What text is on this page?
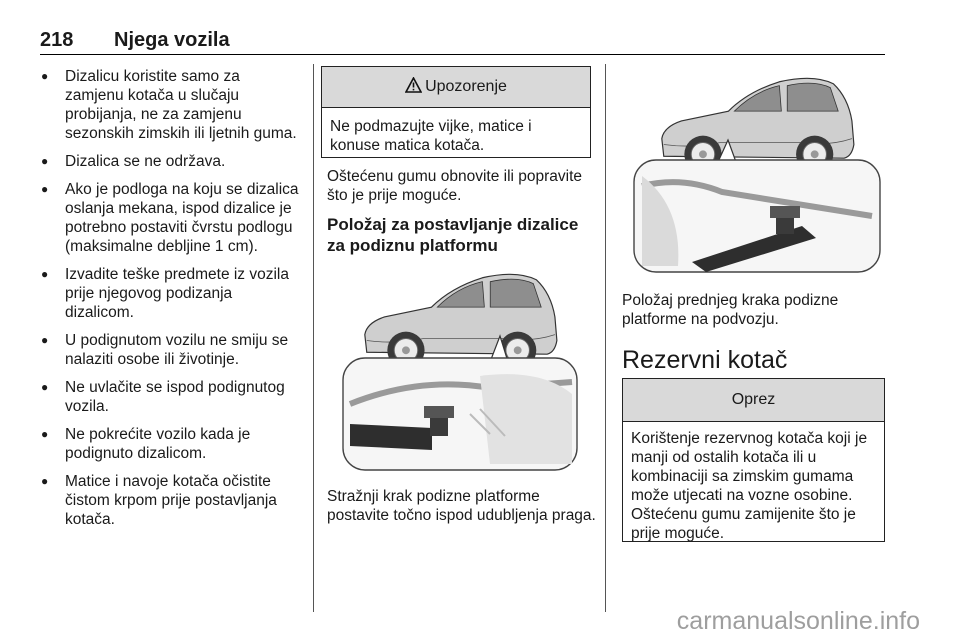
218 Njega vozila
● Dizalicu koristite samo za zamjenu kotača u slučaju probijanja, ne za zamjenu sezonskih zimskih ili ljetnih guma.
● Dizalica se ne održava.
● Ako je podloga na koju se dizalica oslanja mekana, ispod dizalice je potrebno postaviti čvrstu podlogu (maksimalne debljine 1 cm).
● Izvadite teške predmete iz vozila prije njegovog podizanja dizalicom.
● U podignutom vozilu ne smiju se nalaziti osobe ili životinje.
● Ne uvlačite se ispod podignutog vozila.
● Ne pokrećite vozilo kada je podignuto dizalicom.
● Matice i navoje kotača očistite čistom krpom prije postavljanja kotača.
Upozorenje
Ne podmazujte vijke, matice i konuse matica kotača.
Oštećenu gumu obnovite ili popravite što je prije moguće.
Položaj za postavljanje dizalice za podiznu platformu
Stražnji krak podizne platforme postavite točno ispod udubljenja praga.
Položaj prednjeg kraka podizne platforme na podvozju.
Rezervni kotač
Oprez
Korištenje rezervnog kotača koji je manji od ostalih kotača ili u kombinaciji sa zimskim gumama može utjecati na vozne osobine. Oštećenu gumu zamijenite što je prije moguće.
carmanualsonline.info
